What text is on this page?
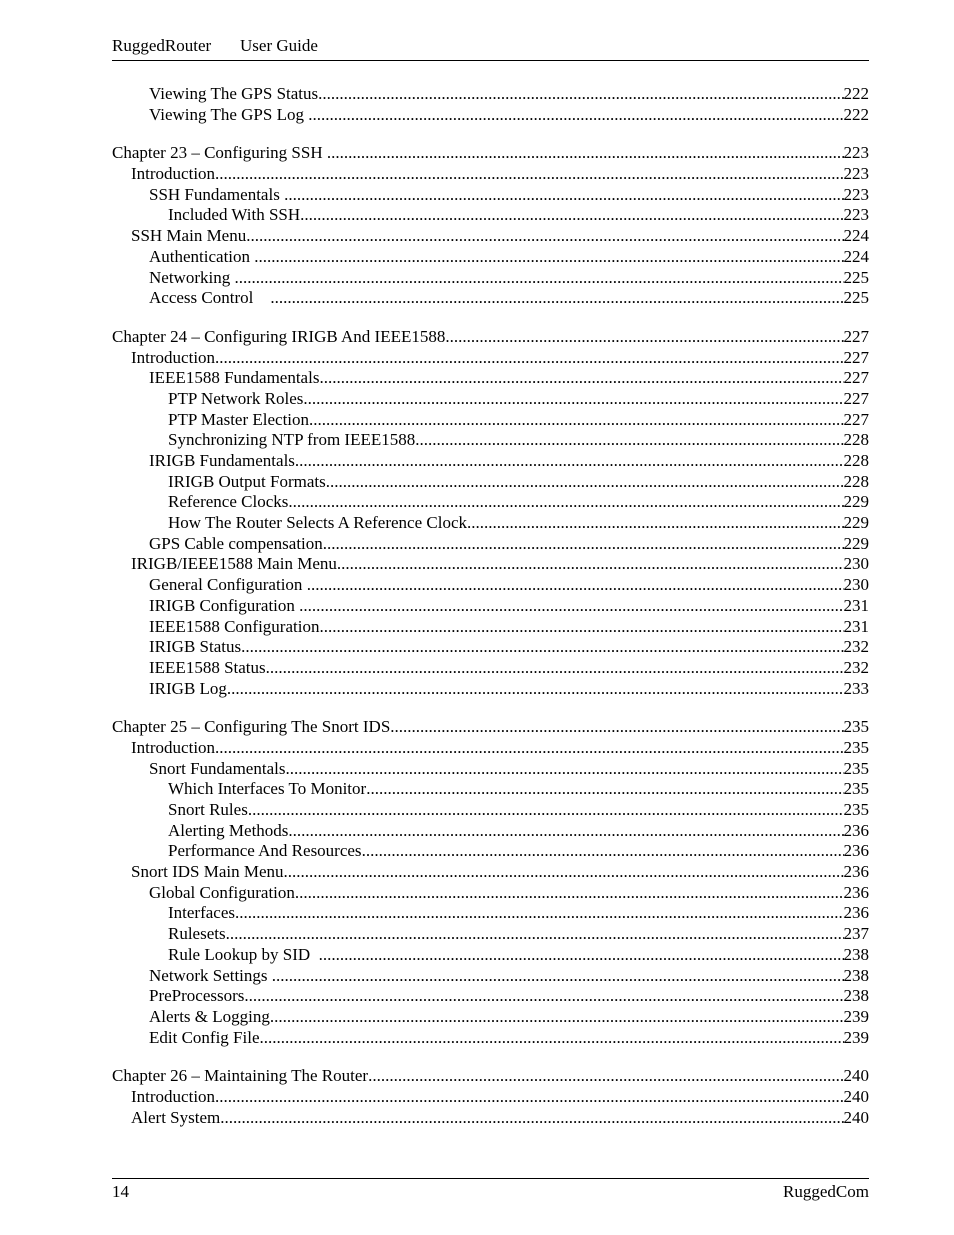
RuggedRouter User Guide
Viewing The GPS Status .....	222
Viewing The GPS Log .....	222
Chapter 23 – Configuring SSH .....	223
Introduction .....	223
SSH Fundamentals .....	223
Included With SSH .....	223
SSH Main Menu .....	224
Authentication .....	224
Networking .....	225
Access Control .....	225
Chapter 24 – Configuring IRIGB And IEEE1588 .....	227
Introduction .....	227
IEEE1588 Fundamentals .....	227
PTP Network Roles .....	227
PTP Master Election .....	227
Synchronizing NTP from IEEE1588 .....	228
IRIGB Fundamentals .....	228
IRIGB Output Formats .....	228
Reference Clocks .....	229
How The Router Selects A Reference Clock .....	229
GPS Cable compensation .....	229
IRIGB/IEEE1588 Main Menu .....	230
General Configuration .....	230
IRIGB Configuration .....	231
IEEE1588 Configuration .....	231
IRIGB Status .....	232
IEEE1588 Status .....	232
IRIGB Log .....	233
Chapter 25 – Configuring The Snort IDS .....	235
Introduction .....	235
Snort Fundamentals .....	235
Which Interfaces To Monitor .....	235
Snort Rules .....	235
Alerting Methods .....	236
Performance And Resources .....	236
Snort IDS Main Menu .....	236
Global Configuration .....	236
Interfaces .....	236
Rulesets .....	237
Rule Lookup by SID .....	238
Network Settings .....	238
PreProcessors .....	238
Alerts & Logging .....	239
Edit Config File .....	239
Chapter 26 – Maintaining The Router .....	240
Introduction .....	240
Alert System .....	240
14	RuggedCom
